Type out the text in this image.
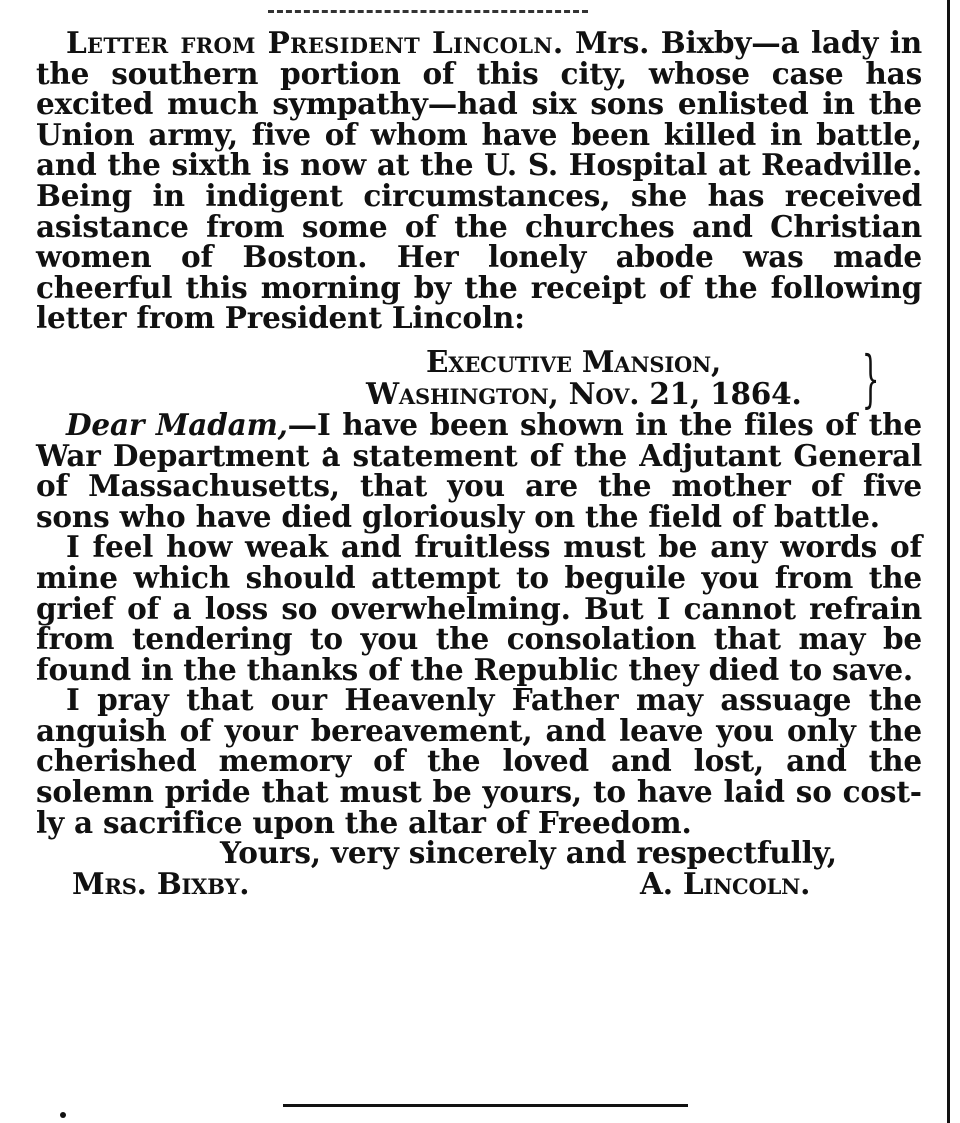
Letter from President Lincoln. Mrs. Bixby—a lady in the southern portion of this city, whose case has excited much sympathy—had six sons enlisted in the Union army, five of whom have been killed in battle, and the sixth is now at the U. S. Hospital at Readville. Being in indigent circumstances, she has received asistance from some of the churches and Christian women of Boston. Her lonely abode was made cheerful this morning by the receipt of the following letter from President Lincoln:

Executive Mansion,
Washington, Nov. 21, 1864. }

Dear Madam,—I have been shown in the files of the War Department a statement of the Adjutant General of Massachusetts, that you are the mother of five sons who have died gloriously on the field of battle.

I feel how weak and fruitless must be any words of mine which should attempt to beguile you from the grief of a loss so overwhelming. But I cannot refrain from tendering to you the consolation that may be found in the thanks of the Republic they died to save.

I pray that our Heavenly Father may assuage the anguish of your bereavement, and leave you only the cherished memory of the loved and lost, and the solemn pride that must be yours, to have laid so costly a sacrifice upon the altar of Freedom.

Yours, very sincerely and respectfully,

Mrs. Bixby.	A. Lincoln.
